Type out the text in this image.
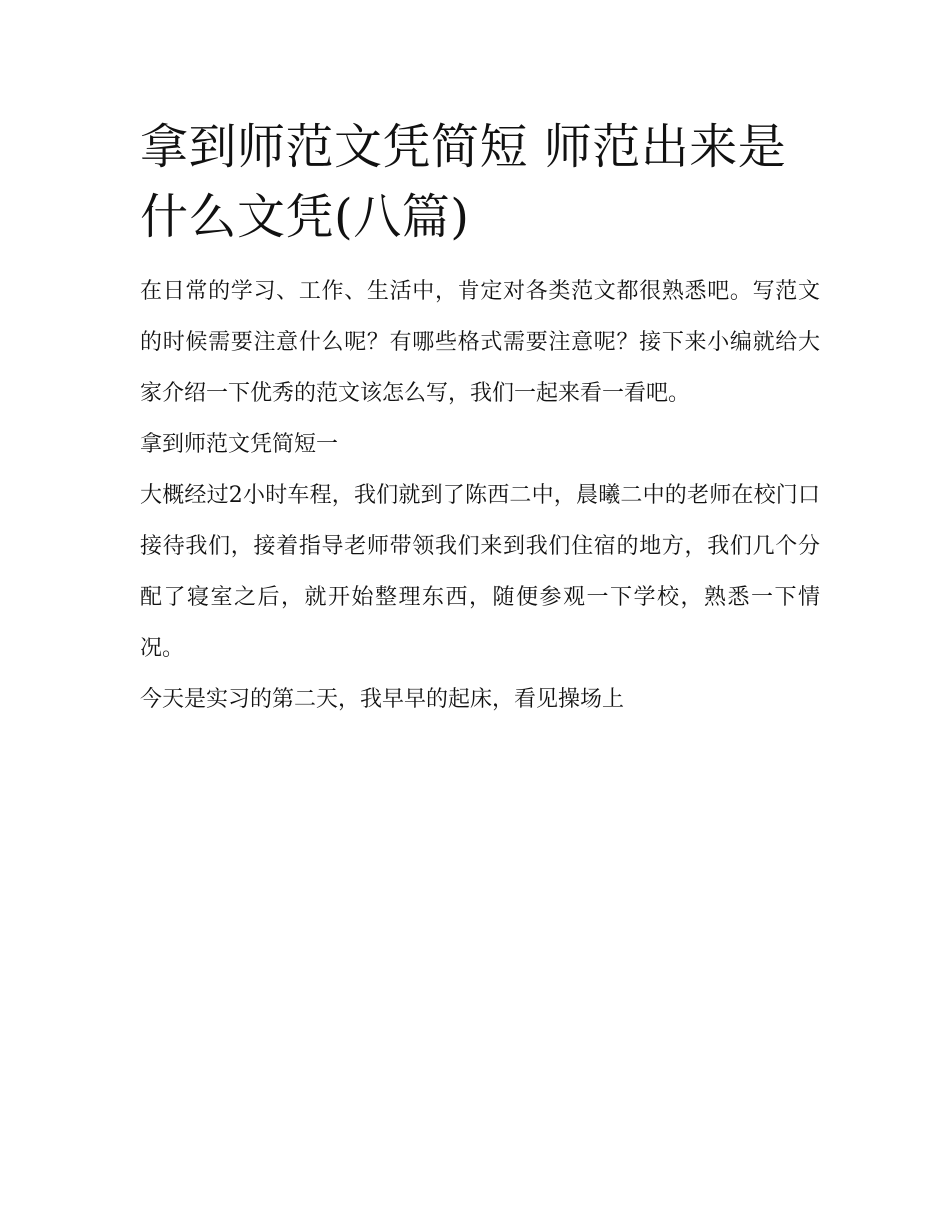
拿到师范文凭简短 师范出来是什么文凭(八篇)

在日常的学习、工作、生活中，肯定对各类范文都很熟悉吧。写范文的时候需要注意什么呢？有哪些格式需要注意呢？接下来小编就给大家介绍一下优秀的范文该怎么写，我们一起来看一看吧。

拿到师范文凭简短一

大概经过2小时车程，我们就到了陈西二中，晨曦二中的老师在校门口接待我们，接着指导老师带领我们来到我们住宿的地方，我们几个分配了寝室之后，就开始整理东西，随便参观一下学校，熟悉一下情况。

今天是实习的第二天，我早早的起床，看见操场上
